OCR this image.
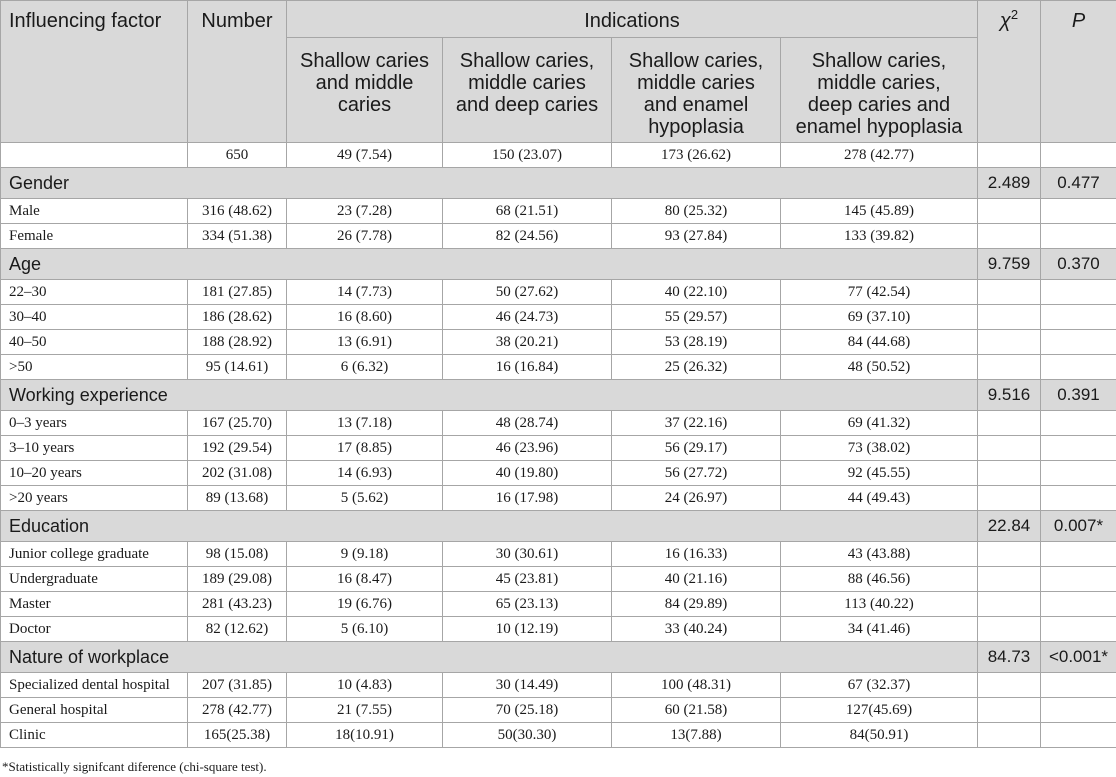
Influencing factor	Number	Indications				$\chi^2$	P
		Shallow caries
and middle
caries	Shallow caries,
middle caries
and deep caries	Shallow caries,
middle caries
and enamel
hypoplasia	Shallow caries,
middle caries,
deep caries and
enamel hypoplasia		
	650	49 (7.54)	150 (23.07)	173 (26.62)	278 (42.77)		
Gender						2.489	0.477
Male	316 (48.62)	23 (7.28)	68 (21.51)	80 (25.32)	145 (45.89)		
Female	334 (51.38)	26 (7.78)	82 (24.56)	93 (27.84)	133 (39.82)		
Age						9.759	0.370
22–30	181 (27.85)	14 (7.73)	50 (27.62)	40 (22.10)	77 (42.54)		
30–40	186 (28.62)	16 (8.60)	46 (24.73)	55 (29.57)	69 (37.10)		
40–50	188 (28.92)	13 (6.91)	38 (20.21)	53 (28.19)	84 (44.68)		
>50	95 (14.61)	6 (6.32)	16 (16.84)	25 (26.32)	48 (50.52)		
Working experience						9.516	0.391
0–3 years	167 (25.70)	13 (7.18)	48 (28.74)	37 (22.16)	69 (41.32)		
3–10 years	192 (29.54)	17 (8.85)	46 (23.96)	56 (29.17)	73 (38.02)		
10–20 years	202 (31.08)	14 (6.93)	40 (19.80)	56 (27.72)	92 (45.55)		
>20 years	89 (13.68)	5 (5.62)	16 (17.98)	24 (26.97)	44 (49.43)		
Education						22.84	0.007*
Junior college graduate	98 (15.08)	9 (9.18)	30 (30.61)	16 (16.33)	43 (43.88)		
Undergraduate	189 (29.08)	16 (8.47)	45 (23.81)	40 (21.16)	88 (46.56)		
Master	281 (43.23)	19 (6.76)	65 (23.13)	84 (29.89)	113 (40.22)		
Doctor	82 (12.62)	5 (6.10)	10 (12.19)	33 (40.24)	34 (41.46)		
Nature of workplace						84.73	<0.001*
Specialized dental hospital	207 (31.85)	10 (4.83)	30 (14.49)	100 (48.31)	67 (32.37)		
General hospital	278 (42.77)	21 (7.55)	70 (25.18)	60 (21.58)	127(45.69)		
Clinic	165(25.38)	18(10.91)	50(30.30)	13(7.88)	84(50.91)		
*Statistically signifcant diference (chi-square test).
